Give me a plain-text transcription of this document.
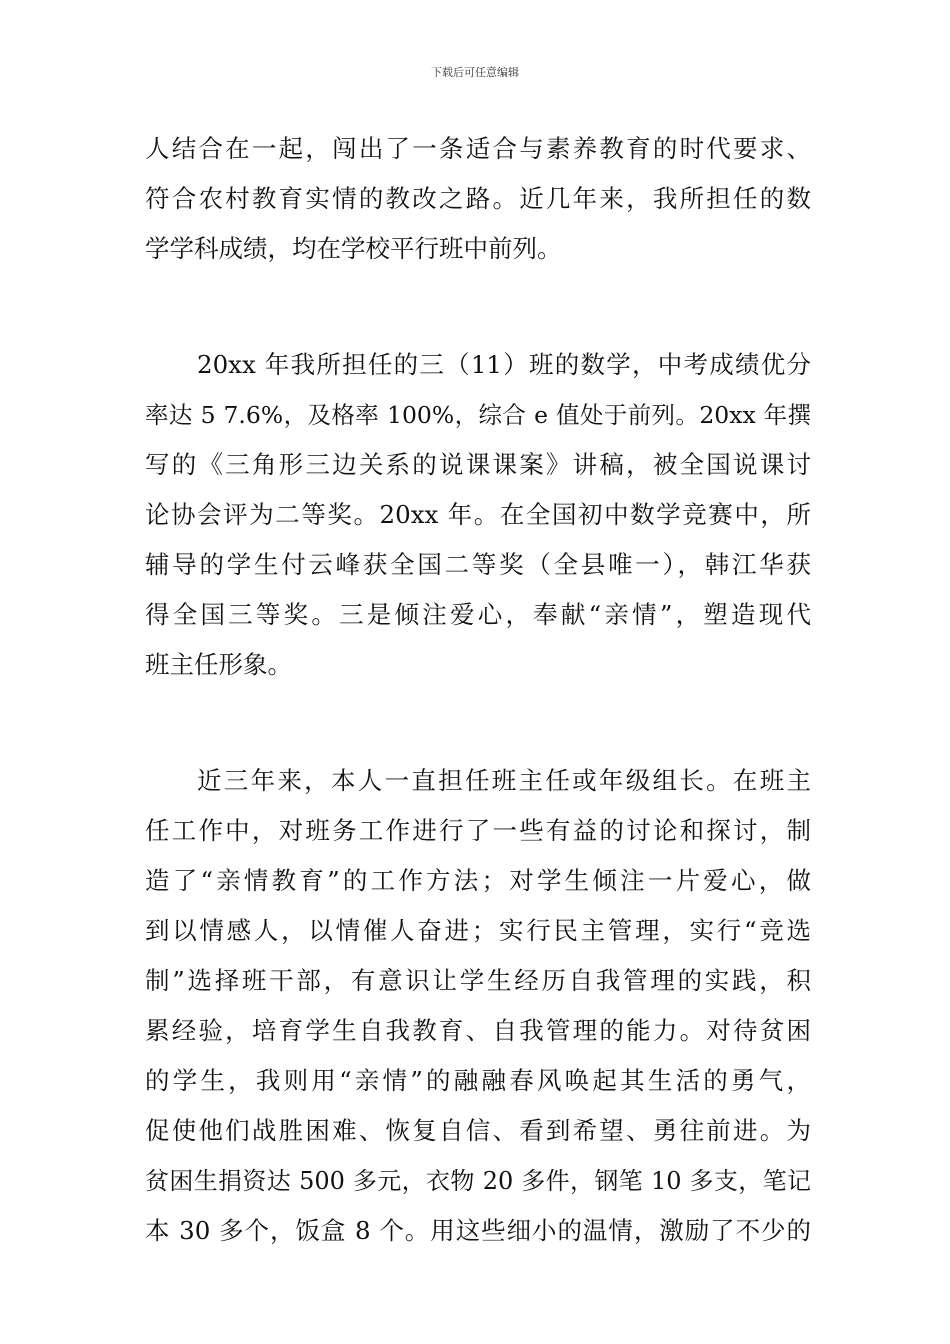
下载后可任意编辑
人结合在一起，闯出了一条适合与素养教育的时代要求、
符合农村教育实情的教改之路。近几年来，我所担任的数
学学科成绩，均在学校平行班中前列。
20xx 年我所担任的三（11）班的数学，中考成绩优分
率达 5 7.6%，及格率 100%，综合 e 值处于前列。20xx 年撰
写的《三角形三边关系的说课课案》讲稿，被全国说课讨
论协会评为二等奖。20xx 年。在全国初中数学竞赛中，所
辅导的学生付云峰获全国二等奖（全县唯一），韩江华获
得全国三等奖。三是倾注爱心，奉献“亲情”，塑造现代
班主任形象。
近三年来，本人一直担任班主任或年级组长。在班主
任工作中，对班务工作进行了一些有益的讨论和探讨，制
造了“亲情教育”的工作方法；对学生倾注一片爱心，做
到以情感人，以情催人奋进；实行民主管理，实行“竞选
制”选择班干部，有意识让学生经历自我管理的实践，积
累经验，培育学生自我教育、自我管理的能力。对待贫困
的学生，我则用“亲情”的融融春风唤起其生活的勇气，
促使他们战胜困难、恢复自信、看到希望、勇往前进。为
贫困生捐资达 500 多元，衣物 20 多件，钢笔 10 多支，笔记
本 30 多个，饭盒 8 个。用这些细小的温情，激励了不少的
